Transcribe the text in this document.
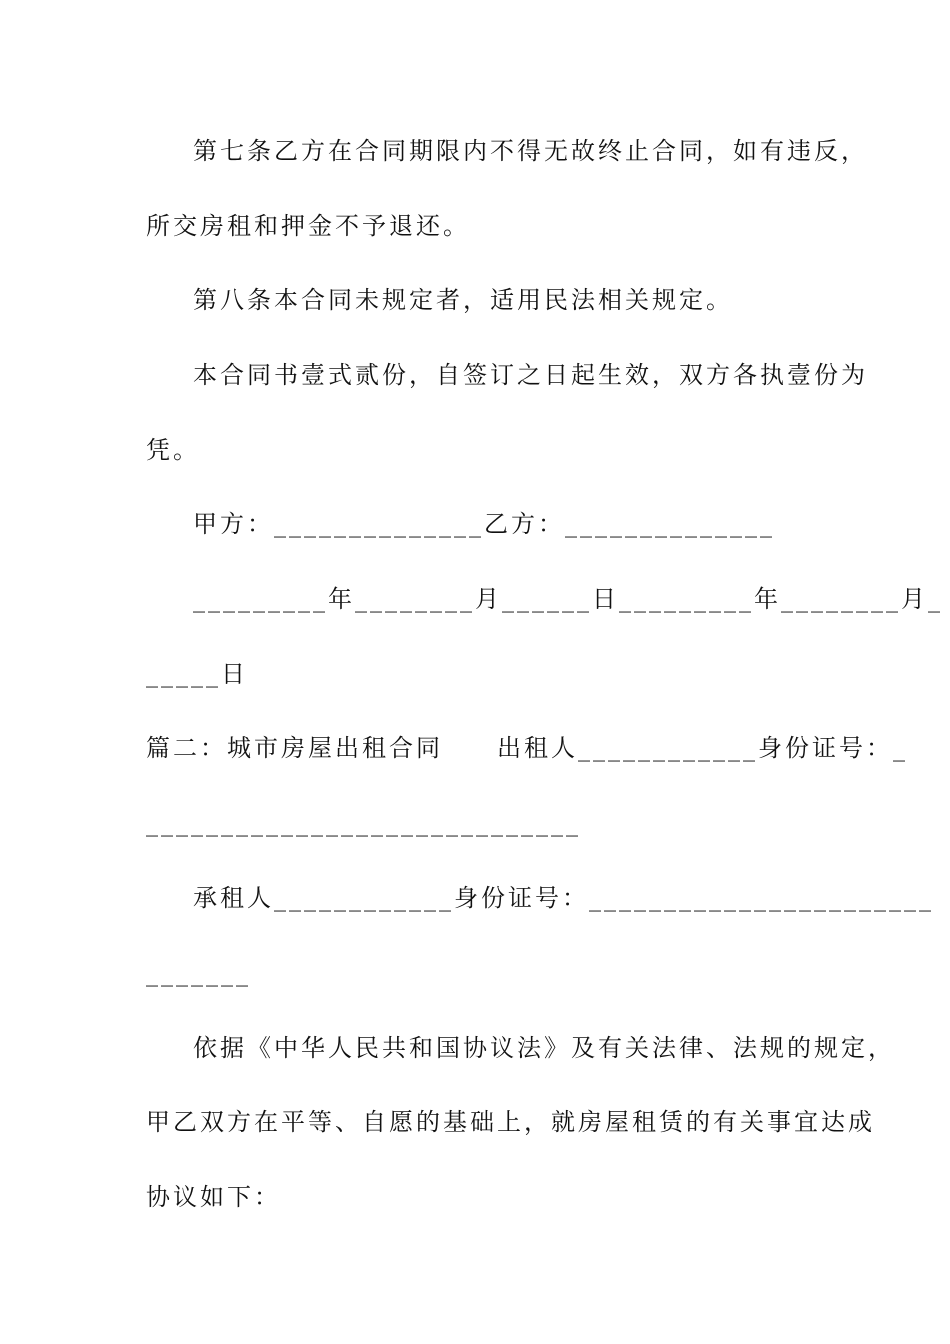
第七条乙方在合同期限内不得无故终止合同，如有违反，
所交房租和押金不予退还。
第八条本合同未规定者，适用民法相关规定。
本合同书壹式贰份，自签订之日起生效，双方各执壹份为
凭。
甲方：______________乙方：______________
_________年________月______日_________年________月_
_____日
篇二：城市房屋出租合同　　出租人____________身份证号：_
_____________________________
承租人____________身份证号：_______________________
_______
依据《中华人民共和国协议法》及有关法律、法规的规定，
甲乙双方在平等、自愿的基础上，就房屋租赁的有关事宜达成
协议如下：
